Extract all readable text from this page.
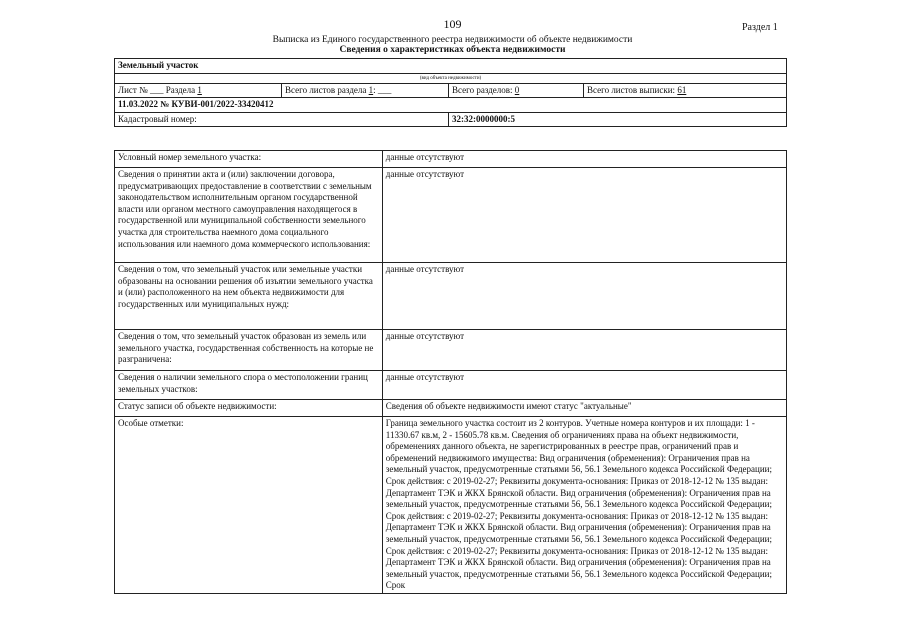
109	Раздел 1
Выписка из Единого государственного реестра недвижимости об объекте недвижимости
Сведения о характеристиках объекта недвижимости
Земельный участок			
(вид объекта недвижимости)			
Лист № ___ Раздела 1	Всего листов раздела 1: ___	Всего разделов: 0	Всего листов выписки: 61
11.03.2022 № КУВИ-001/2022-33420412			
Кадастровый номер:		32:32:0000000:5	
Условный номер земельного участка:	данные отсутствуют
Сведения о принятии акта и (или) заключении договора, предусматривающих предоставление в соответствии с земельным законодательством исполнительным органом государственной власти или органом местного самоуправления находящегося в государственной или муниципальной собственности земельного участка для строительства наемного дома социального использования или наемного дома коммерческого использования:	данные отсутствуют
Сведения о том, что земельный участок или земельные участки образованы на основании решения об изъятии земельного участка и (или) расположенного на нем объекта недвижимости для государственных или муниципальных нужд:	данные отсутствуют
Сведения о том, что земельный участок образован из земель или земельного участка, государственная собственность на которые не разграничена:	данные отсутствуют
Сведения о наличии земельного спора о местоположении границ земельных участков:	данные отсутствуют
Статус записи об объекте недвижимости:	Сведения об объекте недвижимости имеют статус "актуальные"
Особые отметки:	Граница земельного участка состоит из 2 контуров. Учетные номера контуров и их площади: 1 - 11330.67 кв.м, 2 - 15605.78 кв.м. Сведения об ограничениях права на объект недвижимости, обременениях данного объекта, не зарегистрированных в реестре прав, ограничений прав и обременений недвижимого имущества: Вид ограничения (обременения): Ограничения прав на земельный участок, предусмотренные статьями 56, 56.1 Земельного кодекса Российской Федерации; Срок действия: с 2019-02-27; Реквизиты документа-основания: Приказ от 2018-12-12 № 135 выдан: Департамент ТЭК и ЖКХ Брянской области. Вид ограничения (обременения): Ограничения прав на земельный участок, предусмотренные статьями 56, 56.1 Земельного кодекса Российской Федерации; Срок действия: с 2019-02-27; Реквизиты документа-основания: Приказ от 2018-12-12 № 135 выдан: Департамент ТЭК и ЖКХ Брянской области. Вид ограничения (обременения): Ограничения прав на земельный участок, предусмотренные статьями 56, 56.1 Земельного кодекса Российской Федерации; Срок действия: с 2019-02-27; Реквизиты документа-основания: Приказ от 2018-12-12 № 135 выдан: Департамент ТЭК и ЖКХ Брянской области. Вид ограничения (обременения): Ограничения прав на земельный участок, предусмотренные статьями 56, 56.1 Земельного кодекса Российской Федерации; Срок
